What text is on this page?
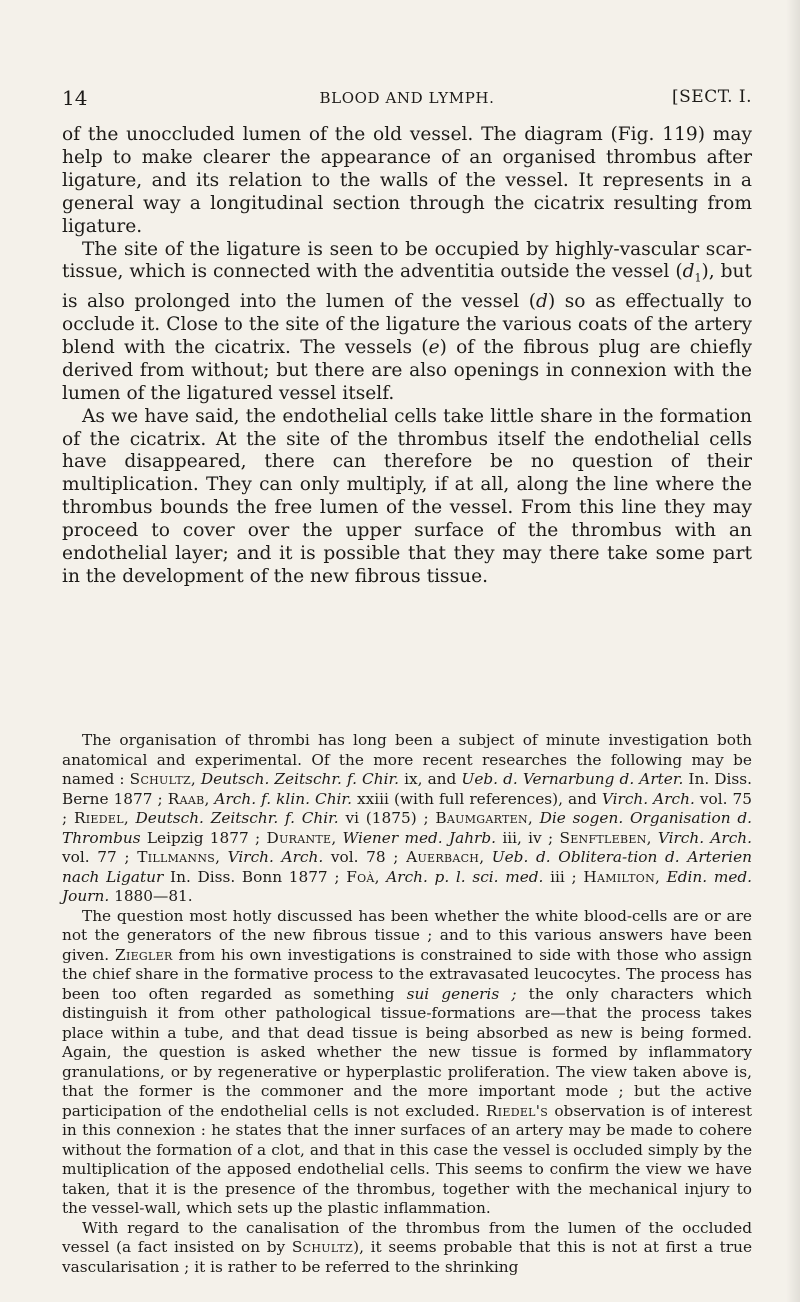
14	BLOOD AND LYMPH.	[SECT. I.

of the unoccluded lumen of the old vessel. The diagram (Fig. 119) may help to make clearer the appearance of an organised thrombus after ligature, and its relation to the walls of the vessel. It represents in a general way a longitudinal section through the cicatrix resulting from ligature.

The site of the ligature is seen to be occupied by highly-vascular scar-tissue, which is connected with the adventitia outside the vessel $(d_1)$, but is also prolonged into the lumen of the vessel (d) so as effectually to occlude it. Close to the site of the ligature the various coats of the artery blend with the cicatrix. The vessels (e) of the fibrous plug are chiefly derived from without; but there are also openings in connexion with the lumen of the ligatured vessel itself.

As we have said, the endothelial cells take little share in the formation of the cicatrix. At the site of the thrombus itself the endothelial cells have disappeared, there can therefore be no question of their multiplication. They can only multiply, if at all, along the line where the thrombus bounds the free lumen of the vessel. From this line they may proceed to cover over the upper surface of the thrombus with an endothelial layer; and it is possible that they may there take some part in the development of the new fibrous tissue.

The organisation of thrombi has long been a subject of minute investigation both anatomical and experimental. Of the more recent researches the following may be named : Schultz, Deutsch. Zeitschr. f. Chir. ix, and Ueb. d. Vernarbung d. Arter. In. Diss. Berne 1877 ; Raab, Arch. f. klin. Chir. xxiii (with full references), and Virch. Arch. vol. 75 ; Riedel, Deutsch. Zeitschr. f. Chir. vi (1875) ; Baumgarten, Die sogen. Organisation d. Thrombus Leipzig 1877 ; Durante, Wiener med. Jahrb. iii, iv ; Senftleben, Virch. Arch. vol. 77 ; Tillmanns, Virch. Arch. vol. 78 ; Auerbach, Ueb. d. Oblitera-tion d. Arterien nach Ligatur In. Diss. Bonn 1877 ; Foà, Arch. p. l. sci. med. iii ; Hamilton, Edin. med. Journ. 1880—81.

The question most hotly discussed has been whether the white blood-cells are or are not the generators of the new fibrous tissue ; and to this various answers have been given. Ziegler from his own investigations is constrained to side with those who assign the chief share in the formative process to the extravasated leucocytes. The process has been too often regarded as something sui generis ; the only characters which distinguish it from other pathological tissue-formations are—that the process takes place within a tube, and that dead tissue is being absorbed as new is being formed. Again, the question is asked whether the new tissue is formed by inflammatory granulations, or by regenerative or hyperplastic proliferation. The view taken above is, that the former is the commoner and the more important mode ; but the active participation of the endothelial cells is not excluded. Riedel's observation is of interest in this connexion : he states that the inner surfaces of an artery may be made to cohere without the formation of a clot, and that in this case the vessel is occluded simply by the multiplication of the apposed endothelial cells. This seems to confirm the view we have taken, that it is the presence of the thrombus, together with the mechanical injury to the vessel-wall, which sets up the plastic inflammation.

With regard to the canalisation of the thrombus from the lumen of the occluded vessel (a fact insisted on by Schultz), it seems probable that this is not at first a true vascularisation ; it is rather to be referred to the shrinking
